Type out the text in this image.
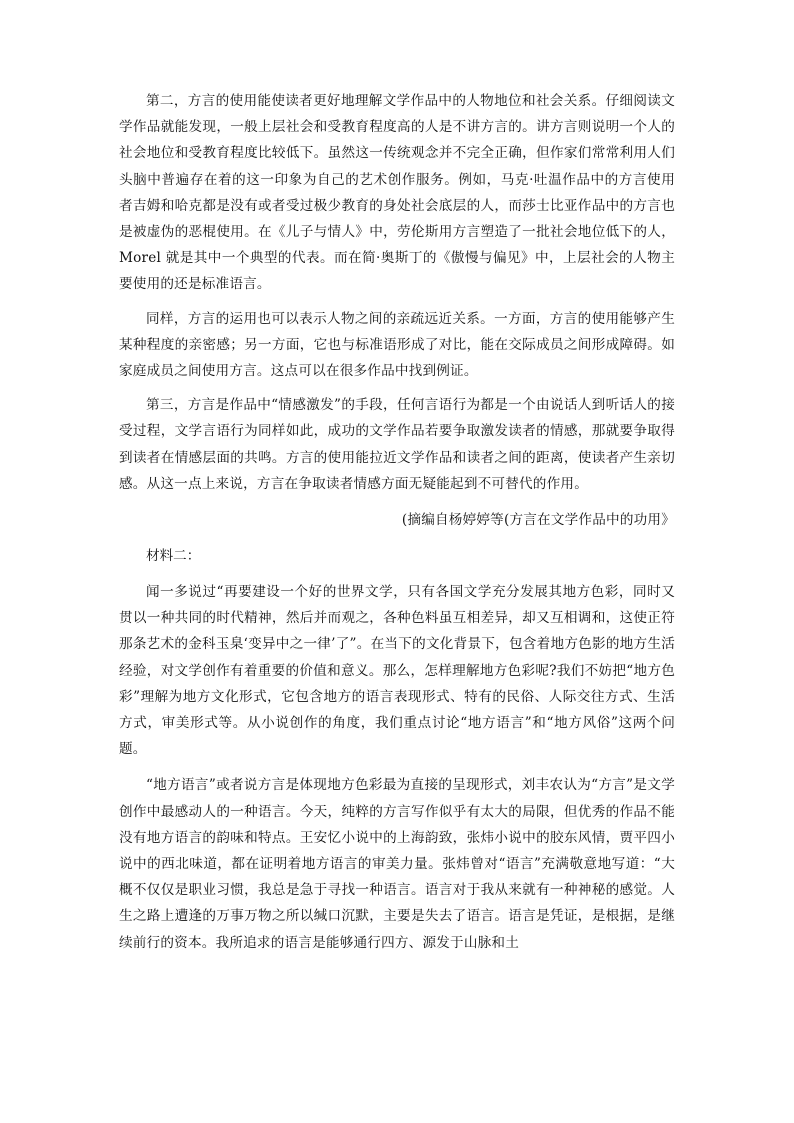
第二，方言的使用能使读者更好地理解文学作品中的人物地位和社会关系。仔细阅读文学作品就能发现，一般上层社会和受教育程度高的人是不讲方言的。讲方言则说明一个人的社会地位和受教育程度比较低下。虽然这一传统观念并不完全正确，但作家们常常利用人们头脑中普遍存在着的这一印象为自己的艺术创作服务。例如，马克·吐温作品中的方言使用者吉姆和哈克都是没有或者受过极少教育的身处社会底层的人，而莎士比亚作品中的方言也是被虚伪的恶棍使用。在《儿子与情人》中，劳伦斯用方言塑造了一批社会地位低下的人，Morel 就是其中一个典型的代表。而在简·奥斯丁的《傲慢与偏见》中，上层社会的人物主要使用的还是标准语言。

同样，方言的运用也可以表示人物之间的亲疏远近关系。一方面，方言的使用能够产生某种程度的亲密感；另一方面，它也与标准语形成了对比，能在交际成员之间形成障碍。如家庭成员之间使用方言。这点可以在很多作品中找到例证。

第三，方言是作品中“情感激发”的手段，任何言语行为都是一个由说话人到听话人的接受过程，文学言语行为同样如此，成功的文学作品若要争取激发读者的情感，那就要争取得到读者在情感层面的共鸣。方言的使用能拉近文学作品和读者之间的距离，使读者产生亲切感。从这一点上来说，方言在争取读者情感方面无疑能起到不可替代的作用。

(摘编自杨婷婷等(方言在文学作品中的功用》

材料二：

闻一多说过“再要建设一个好的世界文学，只有各国文学充分发展其地方色彩，同时又贯以一种共同的时代精神，然后并而观之，各种色料虽互相差异，却又互相调和，这使正符那条艺术的金科玉臬‘变异中之一律’了”。在当下的文化背景下，包含着地方色影的地方生活经验，对文学创作有着重要的价值和意义。那么，怎样理解地方色彩呢?我们不妨把“地方色彩”理解为地方文化形式，它包含地方的语言表现形式、特有的民俗、人际交往方式、生活方式，审美形式等。从小说创作的角度，我们重点讨论“地方语言”和“地方风俗”这两个问题。

“地方语言”或者说方言是体现地方色彩最为直接的呈现形式，刘丰农认为“方言”是文学创作中最感动人的一种语言。今天，纯粹的方言写作似乎有太大的局限，但优秀的作品不能没有地方语言的韵味和特点。王安忆小说中的上海韵致，张炜小说中的胶东风情，贾平四小说中的西北味道，都在证明着地方语言的审美力量。张炜曾对“语言”充满敬意地写道：“大概不仅仅是职业习惯，我总是急于寻找一种语言。语言对于我从来就有一种神秘的感觉。人生之路上遭逢的万事万物之所以缄口沉默，主要是失去了语言。语言是凭证，是根据，是继续前行的资本。我所追求的语言是能够通行四方、源发于山脉和土
